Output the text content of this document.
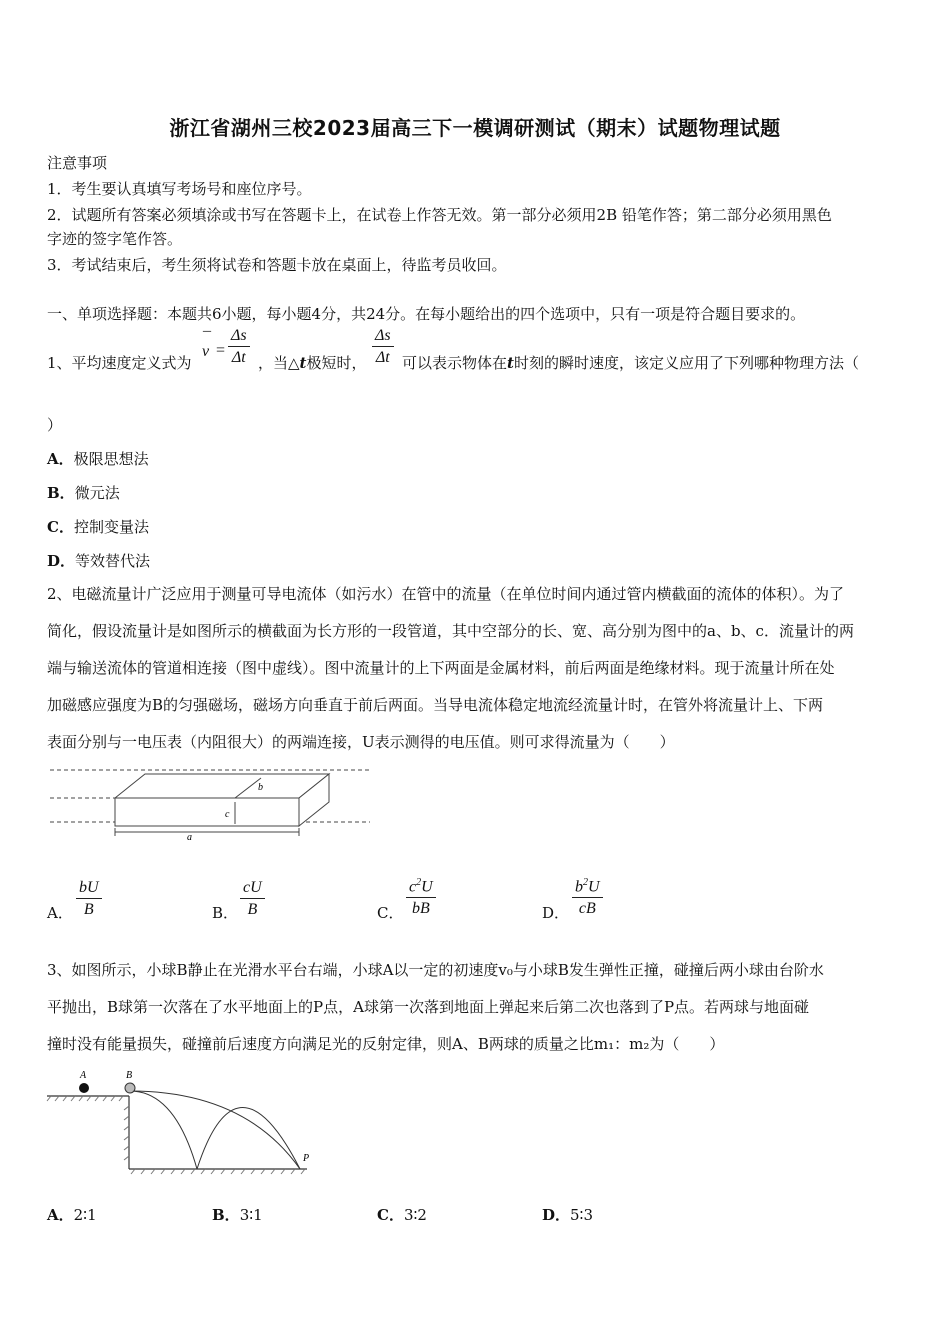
浙江省湖州三校2023届高三下一模调研测试（期末）试题物理试题
注意事项
1．考生要认真填写考场号和座位序号。
2．试题所有答案必须填涂或书写在答题卡上，在试卷上作答无效。第一部分必须用2B 铅笔作答；第二部分必须用黑色
字迹的签字笔作答。
3．考试结束后，考生须将试卷和答题卡放在桌面上，待监考员收回。
一、单项选择题：本题共6小题，每小题4分，共24分。在每小题给出的四个选项中，只有一项是符合题目要求的。
1、平均速度定义式为
¯
$v = \frac{\Delta s}{\Delta t}$ ，当△t极短时， $\frac{\Delta s}{\Delta t}$ 可以表示物体在t时刻的瞬时速度，该定义应用了下列哪种物理方法（
）
A．极限思想法
B．微元法
C．控制变量法
D．等效替代法
2、电磁流量计广泛应用于测量可导电流体（如污水）在管中的流量（在单位时间内通过管内横截面的流体的体积）。为了
简化，假设流量计是如图所示的横截面为长方形的一段管道，其中空部分的长、宽、高分别为图中的a、b、c．流量计的两
端与输送流体的管道相连接（图中虚线）。图中流量计的上下两面是金属材料，前后两面是绝缘材料。现于流量计所在处
加磁感应强度为B的匀强磁场，磁场方向垂直于前后两面。当导电流体稳定地流经流量计时，在管外将流量计上、下两
表面分别与一电压表（内阻很大）的两端连接，U表示测得的电压值。则可求得流量为（　　）
b
c
a
A． $\frac{bU}{B}$	B． $\frac{cU}{B}$	C． $\frac{c^2U}{bB}$	D． $\frac{b^2U}{cB}$
3、如图所示，小球B静止在光滑水平台右端，小球A以一定的初速度v₀与小球B发生弹性正撞，碰撞后两小球由台阶水
平抛出，B球第一次落在了水平地面上的P点，A球第一次落到地面上弹起来后第二次也落到了P点。若两球与地面碰
撞时没有能量损失，碰撞前后速度方向满足光的反射定律，则A、B两球的质量之比m₁：m₂为（　　）
A	B
P
A．2∶1	B．3∶1	C．3∶2	D．5∶3
